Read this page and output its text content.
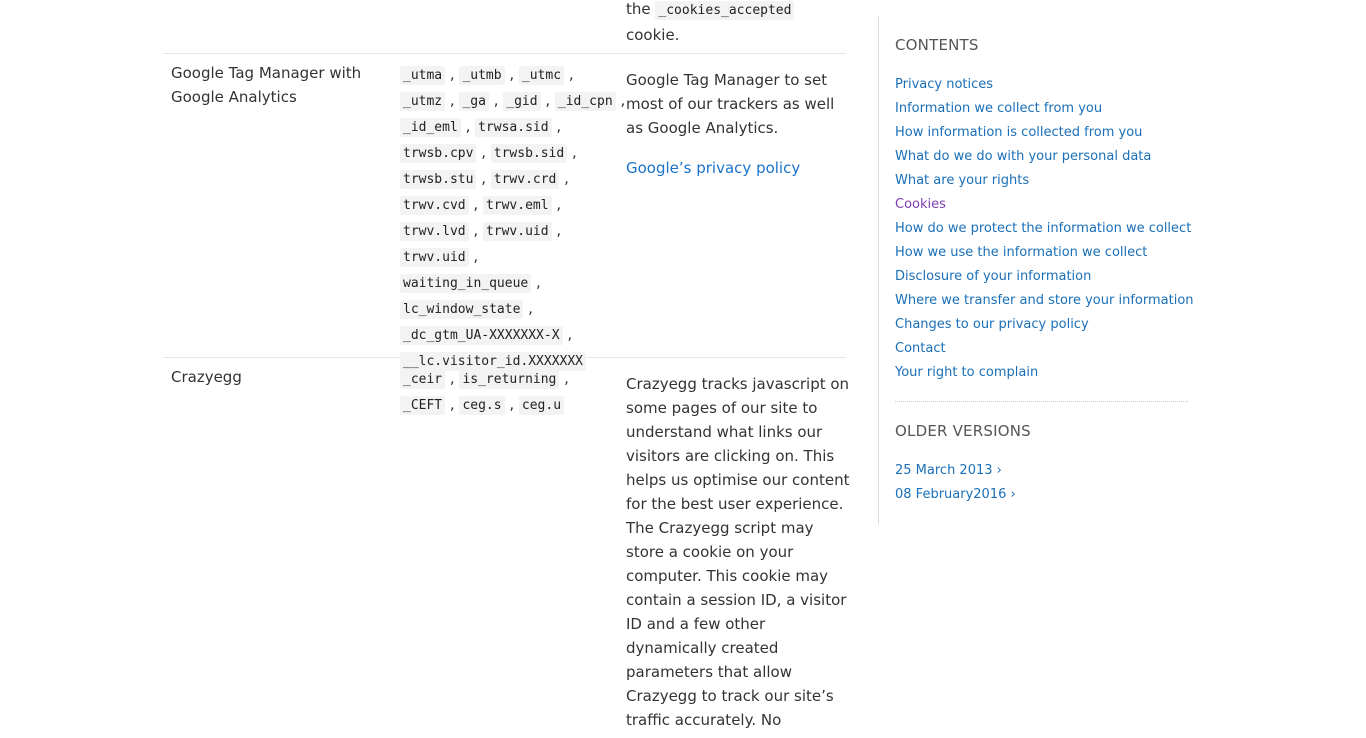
the _cookies_accepted
cookie.
Google Tag Manager with
Google Analytics
_utma , _utmb , _utmc ,
_utmz , _ga , _gid , _id_cpn ,
_id_eml , trwsa.sid ,
trwsb.cpv , trwsb.sid ,
trwsb.stu , trwv.crd ,
trwv.cvd , trwv.eml ,
trwv.lvd , trwv.uid ,
trwv.uid ,
waiting_in_queue ,
lc_window_state ,
_dc_gtm_UA-XXXXXXX-X ,
__lc.visitor_id.XXXXXXX
Google Tag Manager to set
most of our trackers as well
as Google Analytics.
Google’s privacy policy
Crazyegg	_ceir , is_returning ,
_CEFT , ceg.s , ceg.u
Crazyegg tracks javascript on
some pages of our site to
understand what links our
visitors are clicking on. This
helps us optimise our content
for the best user experience.
The Crazyegg script may
store a cookie on your
computer. This cookie may
contain a session ID, a visitor
ID and a few other
dynamically created
parameters that allow
Crazyegg to track our site’s
traffic accurately. No
CONTENTS
Privacy notices
Information we collect from you
How information is collected from you
What do we do with your personal data
What are your rights
Cookies
How do we protect the information we collect
How we use the information we collect
Disclosure of your information
Where we transfer and store your information
Changes to our privacy policy
Contact
Your right to complain
OLDER VERSIONS
25 March 2013 ›
08 February2016 ›
